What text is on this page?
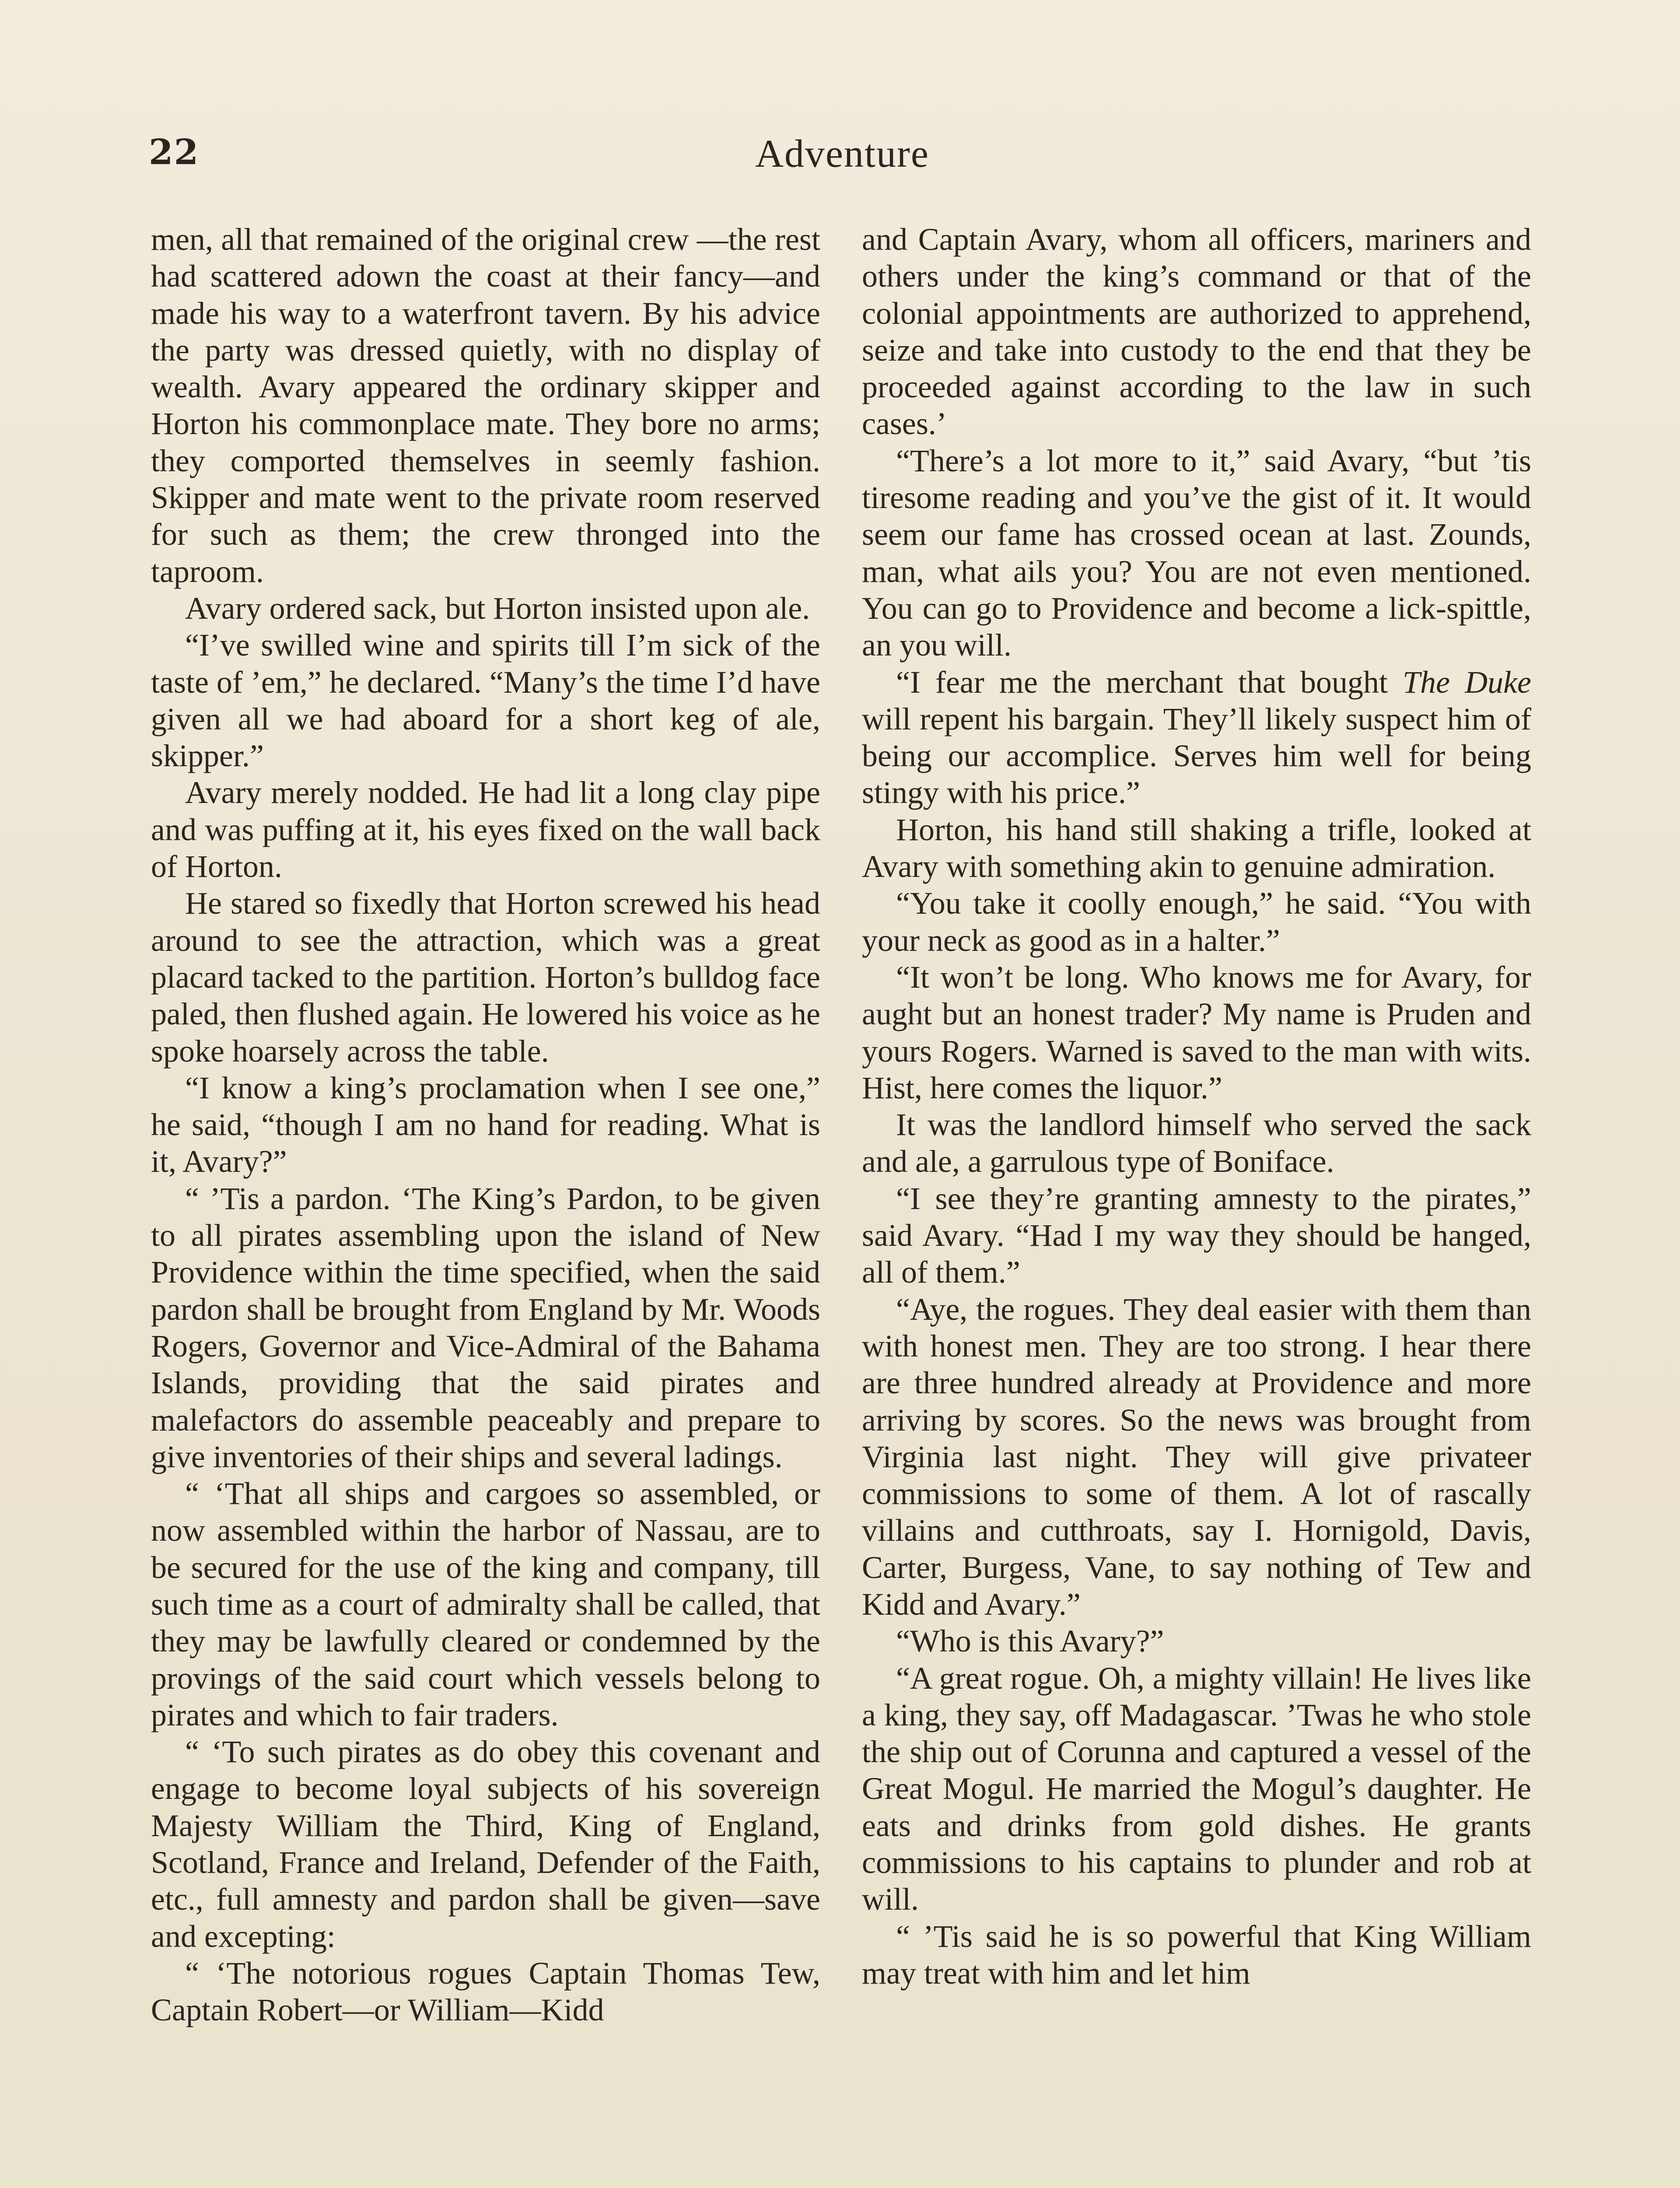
22	Adventure

men, all that remained of the original crew —the rest had scattered adown the coast at their fancy—and made his way to a waterfront tavern. By his advice the party was dressed quietly, with no display of wealth. Avary appeared the ordinary skipper and Horton his commonplace mate. They bore no arms; they comported themselves in seemly fashion. Skipper and mate went to the private room reserved for such as them; the crew thronged into the taproom.

Avary ordered sack, but Horton insisted upon ale.

“I’ve swilled wine and spirits till I’m sick of the taste of ’em,” he declared. “Many’s the time I’d have given all we had aboard for a short keg of ale, skipper.”

Avary merely nodded. He had lit a long clay pipe and was puffing at it, his eyes fixed on the wall back of Horton.

He stared so fixedly that Horton screwed his head around to see the attraction, which was a great placard tacked to the partition. Horton’s bulldog face paled, then flushed again. He lowered his voice as he spoke hoarsely across the table.

“I know a king’s proclamation when I see one,” he said, “though I am no hand for reading. What is it, Avary?”

“ ’Tis a pardon. ‘The King’s Pardon, to be given to all pirates assembling upon the island of New Providence within the time specified, when the said pardon shall be brought from England by Mr. Woods Rogers, Governor and Vice-Admiral of the Bahama Islands, providing that the said pirates and malefactors do assemble peaceably and prepare to give inventories of their ships and several ladings.

“ ‘That all ships and cargoes so assembled, or now assembled within the harbor of Nassau, are to be secured for the use of the king and company, till such time as a court of admiralty shall be called, that they may be lawfully cleared or condemned by the provings of the said court which vessels belong to pirates and which to fair traders.

“ ‘To such pirates as do obey this covenant and engage to become loyal subjects of his sovereign Majesty William the Third, King of England, Scotland, France and Ireland, Defender of the Faith, etc., full amnesty and pardon shall be given—save and excepting:

“ ‘The notorious rogues Captain Thomas Tew, Captain Robert—or William—Kidd

and Captain Avary, whom all officers, mariners and others under the king’s command or that of the colonial appointments are authorized to apprehend, seize and take into custody to the end that they be proceeded against according to the law in such cases.’

“There’s a lot more to it,” said Avary, “but ’tis tiresome reading and you’ve the gist of it. It would seem our fame has crossed ocean at last. Zounds, man, what ails you? You are not even mentioned. You can go to Providence and become a lick-spittle, an you will.

“I fear me the merchant that bought The Duke will repent his bargain. They’ll likely suspect him of being our accomplice. Serves him well for being stingy with his price.”

Horton, his hand still shaking a trifle, looked at Avary with something akin to genuine admiration.

“You take it coolly enough,” he said. “You with your neck as good as in a halter.”

“It won’t be long. Who knows me for Avary, for aught but an honest trader? My name is Pruden and yours Rogers. Warned is saved to the man with wits. Hist, here comes the liquor.”

It was the landlord himself who served the sack and ale, a garrulous type of Boniface.

“I see they’re granting amnesty to the pirates,” said Avary. “Had I my way they should be hanged, all of them.”

“Aye, the rogues. They deal easier with them than with honest men. They are too strong. I hear there are three hundred already at Providence and more arriving by scores. So the news was brought from Virginia last night. They will give privateer commissions to some of them. A lot of rascally villains and cutthroats, say I. Hornigold, Davis, Carter, Burgess, Vane, to say nothing of Tew and Kidd and Avary.”

“Who is this Avary?”

“A great rogue. Oh, a mighty villain! He lives like a king, they say, off Madagascar. ’Twas he who stole the ship out of Corunna and captured a vessel of the Great Mogul. He married the Mogul’s daughter. He eats and drinks from gold dishes. He grants commissions to his captains to plunder and rob at will.

“ ’Tis said he is so powerful that King William may treat with him and let him
